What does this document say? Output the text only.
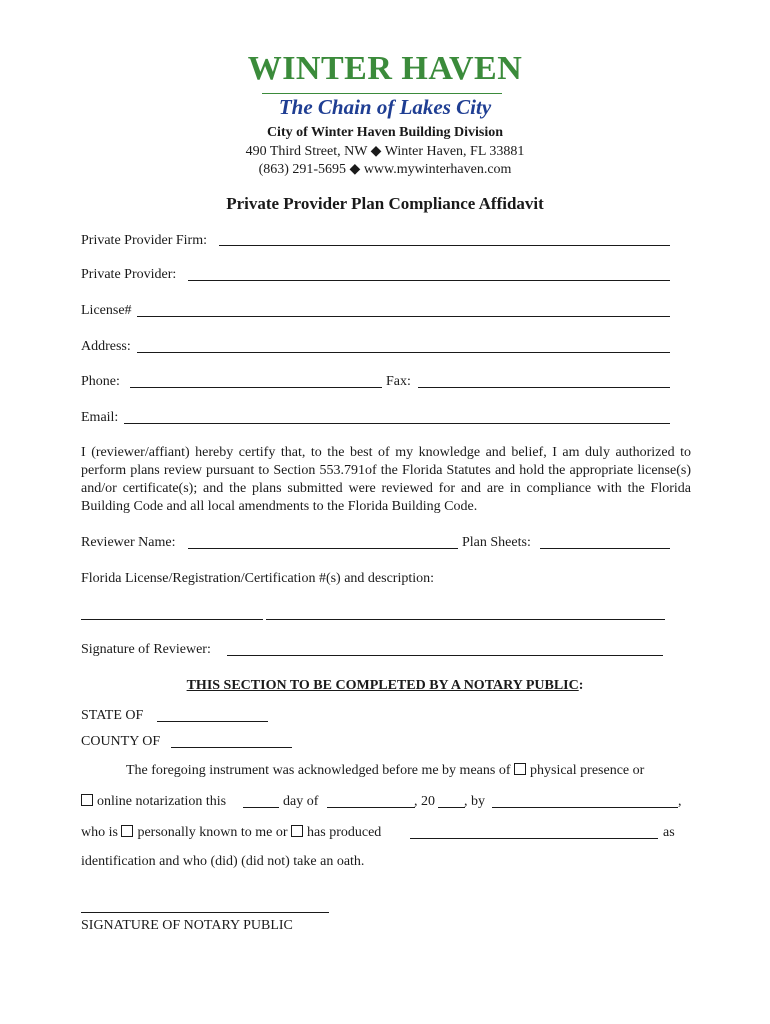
WINTER HAVEN
The Chain of Lakes City
City of Winter Haven Building Division
490 Third Street, NW ◆ Winter Haven, FL 33881
(863) 291-5695 ◆ www.mywinterhaven.com
Private Provider Plan Compliance Affidavit
Private Provider Firm:
Private Provider:
License#
Address:
Phone:	Fax:
Email:
I (reviewer/affiant) hereby certify that, to the best of my knowledge and belief, I am duly authorized to perform plans review pursuant to Section 553.791of the Florida Statutes and hold the appropriate license(s) and/or certificate(s); and the plans submitted were reviewed for and are in compliance with the Florida Building Code and all local amendments to the Florida Building Code.
Reviewer Name:	Plan Sheets:
Florida License/Registration/Certification #(s) and description:
Signature of Reviewer:
THIS SECTION TO BE COMPLETED BY A NOTARY PUBLIC:
STATE OF
COUNTY OF
The foregoing instrument was acknowledged before me by means of physical presence or
online notarization this	day of	, 20 , by	,
who is personally known to me or has produced	as
identification and who (did) (did not) take an oath.
SIGNATURE OF NOTARY PUBLIC
